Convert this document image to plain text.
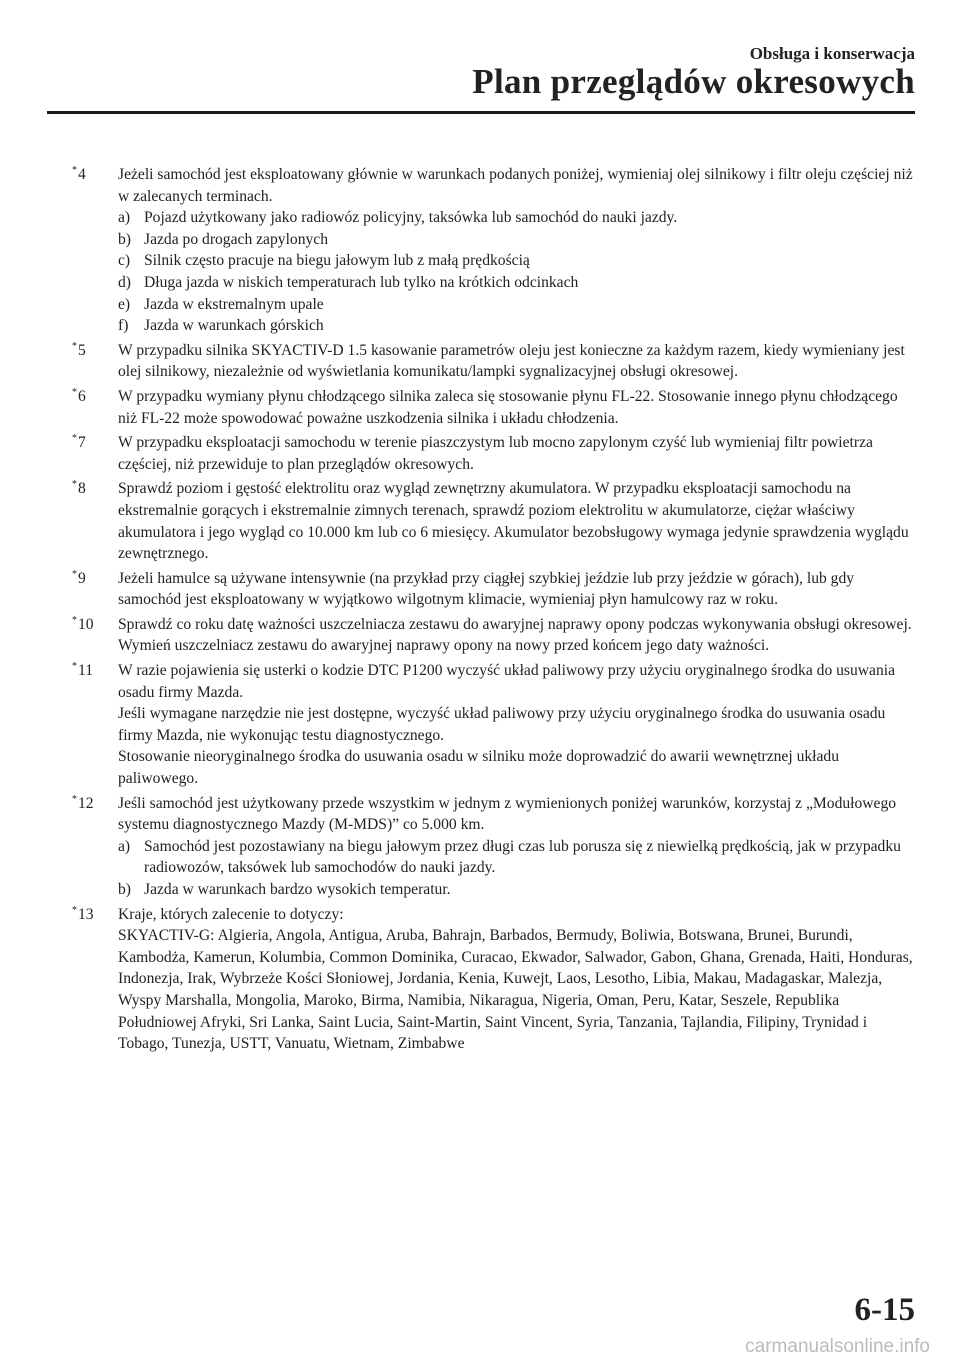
Obsługa i konserwacja
Plan przeglądów okresowych
*4 Jeżeli samochód jest eksploatowany głównie w warunkach podanych poniżej, wymieniaj olej silnikowy i filtr oleju częściej niż w zalecanych terminach.
a) Pojazd użytkowany jako radiowóz policyjny, taksówka lub samochód do nauki jazdy.
b) Jazda po drogach zapylonych
c) Silnik często pracuje na biegu jałowym lub z małą prędkością
d) Długa jazda w niskich temperaturach lub tylko na krótkich odcinkach
e) Jazda w ekstremalnym upale
f) Jazda w warunkach górskich
*5 W przypadku silnika SKYACTIV-D 1.5 kasowanie parametrów oleju jest konieczne za każdym razem, kiedy wymieniany jest olej silnikowy, niezależnie od wyświetlania komunikatu/lampki sygnalizacyjnej obsługi okresowej.
*6 W przypadku wymiany płynu chłodzącego silnika zaleca się stosowanie płynu FL-22. Stosowanie innego płynu chłodzącego niż FL-22 może spowodować poważne uszkodzenia silnika i układu chłodzenia.
*7 W przypadku eksploatacji samochodu w terenie piaszczystym lub mocno zapylonym czyść lub wymieniaj filtr powietrza częściej, niż przewiduje to plan przeglądów okresowych.
*8 Sprawdź poziom i gęstość elektrolitu oraz wygląd zewnętrzny akumulatora. W przypadku eksploatacji samochodu na ekstremalnie gorących i ekstremalnie zimnych terenach, sprawdź poziom elektrolitu w akumulatorze, ciężar właściwy akumulatora i jego wygląd co 10.000 km lub co 6 miesięcy. Akumulator bezobsługowy wymaga jedynie sprawdzenia wyglądu zewnętrznego.
*9 Jeżeli hamulce są używane intensywnie (na przykład przy ciągłej szybkiej jeździe lub przy jeździe w górach), lub gdy samochód jest eksploatowany w wyjątkowo wilgotnym klimacie, wymieniaj płyn hamulcowy raz w roku.
*10 Sprawdź co roku datę ważności uszczelniacza zestawu do awaryjnej naprawy opony podczas wykonywania obsługi okresowej. Wymień uszczelniacz zestawu do awaryjnej naprawy opony na nowy przed końcem jego daty ważności.
*11 W razie pojawienia się usterki o kodzie DTC P1200 wyczyść układ paliwowy przy użyciu oryginalnego środka do usuwania osadu firmy Mazda.
Jeśli wymagane narzędzie nie jest dostępne, wyczyść układ paliwowy przy użyciu oryginalnego środka do usuwania osadu firmy Mazda, nie wykonując testu diagnostycznego.
Stosowanie nieoryginalnego środka do usuwania osadu w silniku może doprowadzić do awarii wewnętrznej układu paliwowego.
*12 Jeśli samochód jest użytkowany przede wszystkim w jednym z wymienionych poniżej warunków, korzystaj z „Modułowego systemu diagnostycznego Mazdy (M-MDS)” co 5.000 km.
a) Samochód jest pozostawiany na biegu jałowym przez długi czas lub porusza się z niewielką prędkością, jak w przypadku radiowozów, taksówek lub samochodów do nauki jazdy.
b) Jazda w warunkach bardzo wysokich temperatur.
*13 Kraje, których zalecenie to dotyczy:
SKYACTIV-G: Algieria, Angola, Antigua, Aruba, Bahrajn, Barbados, Bermudy, Boliwia, Botswana, Brunei, Burundi, Kambodża, Kamerun, Kolumbia, Common Dominika, Curacao, Ekwador, Salwador, Gabon, Ghana, Grenada, Haiti, Honduras, Indonezja, Irak, Wybrzeże Kości Słoniowej, Jordania, Kenia, Kuwejt, Laos, Lesotho, Libia, Makau, Madagaskar, Malezja, Wyspy Marshalla, Mongolia, Maroko, Birma, Namibia, Nikaragua, Nigeria, Oman, Peru, Katar, Seszele, Republika Południowej Afryki, Sri Lanka, Saint Lucia, Saint-Martin, Saint Vincent, Syria, Tanzania, Tajlandia, Filipiny, Trynidad i Tobago, Tunezja, USTT, Vanuatu, Wietnam, Zimbabwe
6-15
carmanualsonline.info
